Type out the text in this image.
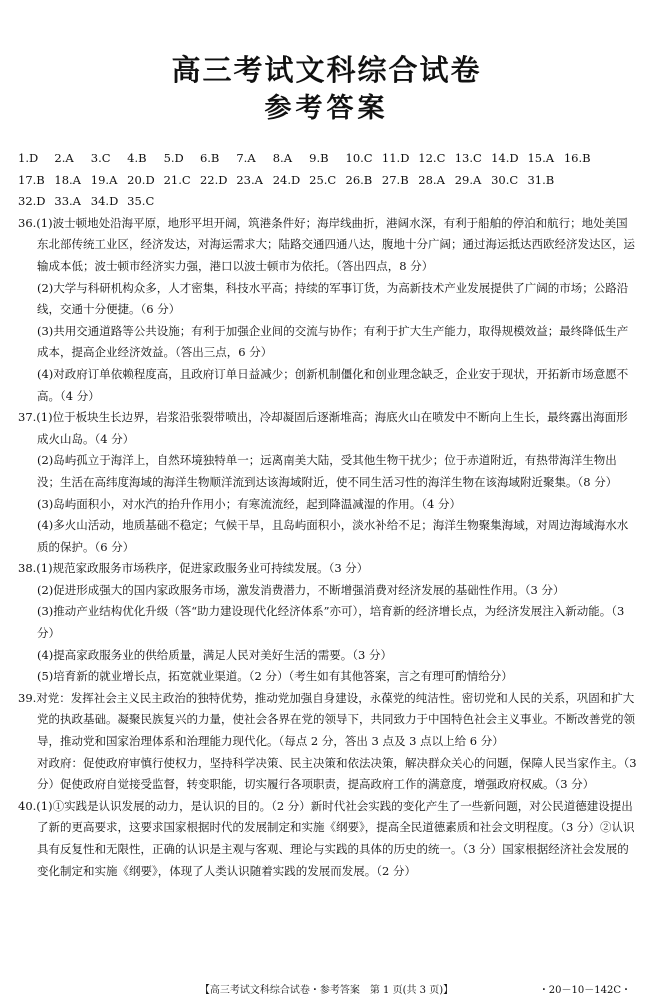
高三考试文科综合试卷
参考答案
1.D 2.A 3.C 4.B 5.D 6.B 7.A 8.A 9.B 10.C 11.D 12.C 13.C 14.D 15.A 16.B
17.B 18.A 19.A 20.D 21.C 22.D 23.A 24.D 25.C 26.B 27.B 28.A 29.A 30.C 31.B
32.D 33.A 34.D 35.C

36.(1)波士顿地处沿海平原，地形平坦开阔，筑港条件好；海岸线曲折，港阔水深，有利于船舶的停泊和航行；地处美国东北部传统工业区，经济发达，对海运需求大；陆路交通四通八达，腹地十分广阔；通过海运抵达西欧经济发达区，运输成本低；波士顿市经济实力强，港口以波士顿市为依托。（答出四点，8 分）

(2)大学与科研机构众多，人才密集，科技水平高；持续的军事订货，为高新技术产业发展提供了广阔的市场；公路沿线，交通十分便捷。（6 分）

(3)共用交通道路等公共设施；有利于加强企业间的交流与协作；有利于扩大生产能力，取得规模效益；最终降低生产成本，提高企业经济效益。（答出三点，6 分）

(4)对政府订单依赖程度高，且政府订单日益减少；创新机制僵化和创业理念缺乏，企业安于现状，开拓新市场意愿不高。（4 分）

37.(1)位于板块生长边界，岩浆沿张裂带喷出，冷却凝固后逐渐堆高；海底火山在喷发中不断向上生长，最终露出海面形成火山岛。（4 分）

(2)岛屿孤立于海洋上，自然环境独特单一；远离南美大陆，受其他生物干扰少；位于赤道附近，有热带海洋生物出没；生活在高纬度海域的海洋生物顺洋流到达该海域附近，使不同生活习性的海洋生物在该海域附近聚集。（8 分）

(3)岛屿面积小，对水汽的抬升作用小；有寒流流经，起到降温减湿的作用。（4 分）

(4)多火山活动，地质基础不稳定；气候干旱，且岛屿面积小，淡水补给不足；海洋生物聚集海域，对周边海域海水水质的保护。（6 分）

38.(1)规范家政服务市场秩序，促进家政服务业可持续发展。（3 分）

(2)促进形成强大的国内家政服务市场，激发消费潜力，不断增强消费对经济发展的基础性作用。（3 分）

(3)推动产业结构优化升级（答“助力建设现代化经济体系”亦可），培育新的经济增长点，为经济发展注入新动能。（3 分）

(4)提高家政服务业的供给质量，满足人民对美好生活的需要。（3 分）

(5)培育新的就业增长点，拓宽就业渠道。（2 分）（考生如有其他答案，言之有理可酌情给分）

39.对党：发挥社会主义民主政治的独特优势，推动党加强自身建设，永葆党的纯洁性。密切党和人民的关系，巩固和扩大党的执政基础。凝聚民族复兴的力量，使社会各界在党的领导下，共同致力于中国特色社会主义事业。不断改善党的领导，推动党和国家治理体系和治理能力现代化。（每点 2 分，答出 3 点及 3 点以上给 6 分）

对政府：促使政府审慎行使权力，坚持科学决策、民主决策和依法决策，解决群众关心的问题，保障人民当家作主。（3 分）促使政府自觉接受监督，转变职能，切实履行各项职责，提高政府工作的满意度，增强政府权威。（3 分）

40.(1)①实践是认识发展的动力，是认识的目的。（2 分）新时代社会实践的变化产生了一些新问题，对公民道德建设提出了新的更高要求，这要求国家根据时代的发展制定和实施《纲要》，提高全民道德素质和社会文明程度。（3 分）②认识具有反复性和无限性，正确的认识是主观与客观、理论与实践的具体的历史的统一。（3 分）国家根据经济社会发展的变化制定和实施《纲要》，体现了人类认识随着实践的发展而发展。（2 分）

【高三考试文科综合试卷・参考答案　第 1 页(共 3 页)】	・20－10－142C・
